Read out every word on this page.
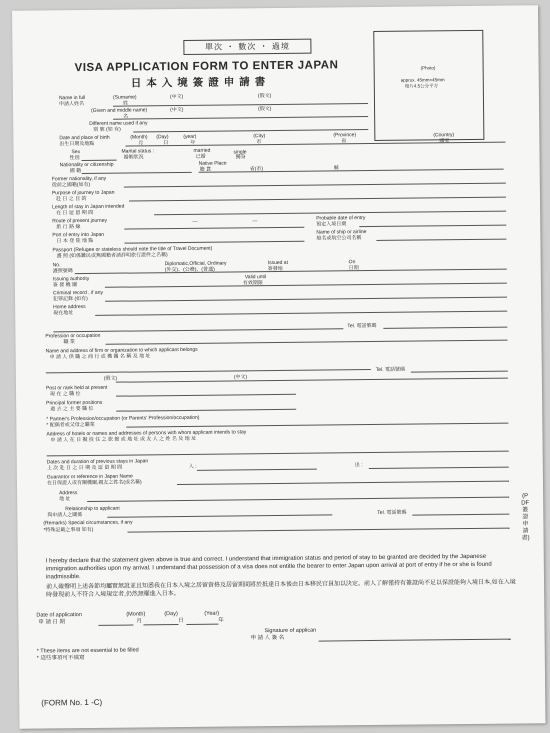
單次 ・ 數次 ・ 過境
VISA APPLICATION FORM TO ENTER JAPAN
日本入境簽證申請書
(Photo)
approx. 45mm×45mm
相片4.5公分平方
Name in full
申請人姓名
(Surname)
姓
(中文)	(假文)
(Given and middle name)
名
(中文)	(假文)
Different name used if any
別 號 (如 有)
Date and place of birth
出生日期及地點
(Month) (Day)	(year)	(City)	(Province)	(Country)
月	日	年	市	省	國家
Sex
性別
Marital status :
婚姻狀況
married
已婚
single
獨身
Nationality or citizenship
國 籍
Native Place
籍 貫	省(市)	縣
Former nationality, if any
從前之國籍(如有)
Purpose of journey to Japan
赴 日 之 目 的
Length of stay in Japan intended
在 日 逗 留 期 間
Route of present journey
旅 行 路 線
—	—	Probable date of entry
預定入境日期
Port of entry into Japan
日 本 登 陸 地 點
Name of ship or airline
船名或航空公司名稱
Passport (Refugee or stateless should note the title of Travel Document)
護 照 (如係難民或無國籍者請詳明旅行證件之名稱)
No.
護照號碼
Diplomatic,Official, Ordinary
(外交)、(公務)、(普通)
Issued at
簽發地
On
日期
Issuing authority
簽 發 機 關
Valid until
有效期限
Criminal record , if any
犯罪記錄 (如有)
Home address
現在地址
Tel. 電話號碼
Profession or occupation
職 業
Name and address of firm or organization to which applicant belongs
申 請 人 供 職 之 商 行 或 機 關 名 稱 及 地 址
Tel. 電話號碼
(假文)	(中文)
Post or rank held at present
現 在 之 職 位
Principal former positions
過 去 之 主 要 職 位
* Partner's Profession/occupation (or Parents' Profession/occupation)
* 配偶者或父母之職業
Address of hotels or names and addresses of persons with whom applicant intends to stay
申 請 人 在 日 擬 投 住 之 旅 館 或 地 址 或 友 人 之 姓 名 及 地 址
Dates and duration of previous stays in Japan
上 次 赴 日 之 日 期 及 逗 留 期 間	入 :	出 :
Guarantor or reference in Japan Name
在日保證人或有關機關,親友之姓名(或名稱)
Address
地 址
Relationship to applicant
與申請人之關係	Tel. 電話號碼
(Remarks) Special circumstances, if any
*特殊記載之事項 如有)
I hereby declare that the statement given above is true and correct. I understand that immigration status and period of stay to be granted are decided by the Japanese immigration authorities upon my arrival. I understand that possession of a visa does not entitle the bearer to enter Japan upon arrival at port of entry if he or she is found inadmissible.
前人確聲明上述各節均屬實無訛並且知悉我在日本入境之居留資格及居留期間將於抵達日本後由日本移民官員加以決定。前人了解僅持有簽證尚不足以保證能夠入境日本,如在入境時發現前人不符合入境規定者,仍然無權進入日本。
Date of application
申 請 日 期
(Month)	(Day)	(Year)
月	日	年
Signature of applican
申 請 人 簽 名
* These items are not essential to be filled
* 這些事項可不填寫
(FORM No. 1 -C)
(PDF 簽證申請書)
